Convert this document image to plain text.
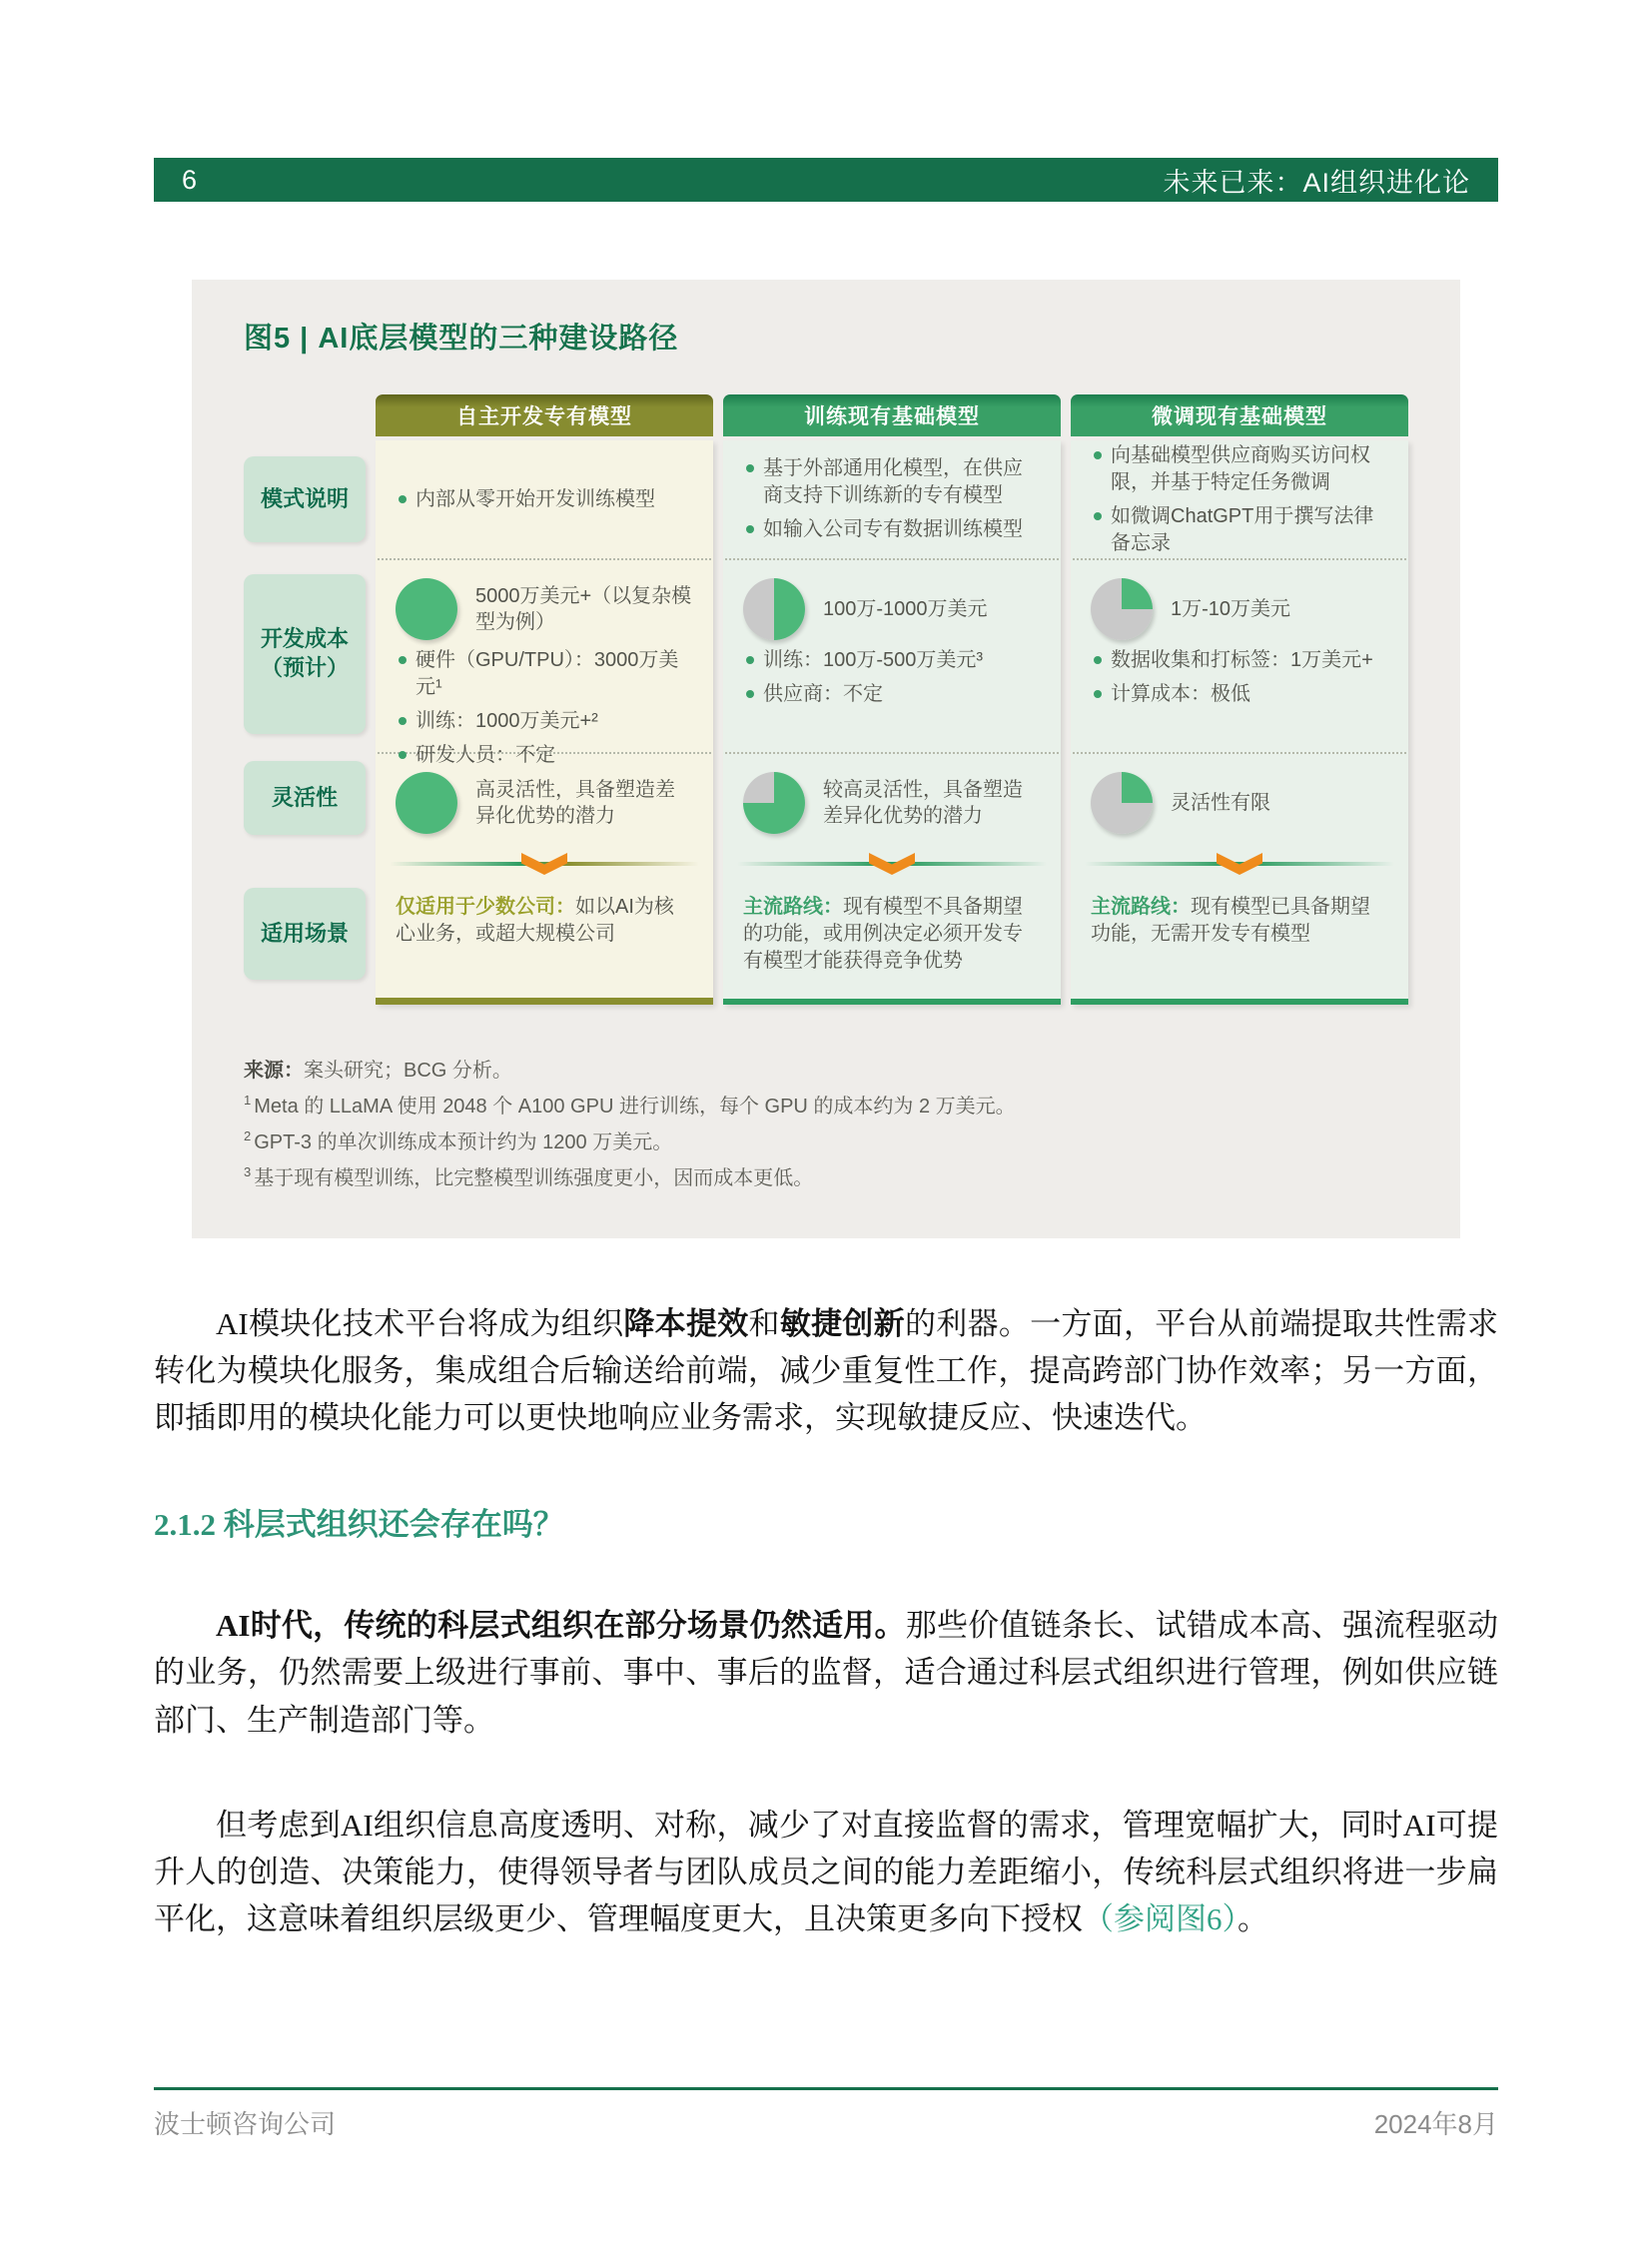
6	未来已来：AI组织进化论
图5 | AI底层模型的三种建设路径
模式说明
开发成本 （预计）
灵活性
适用场景
自主开发专有模型
内部从零开始开发训练模型
5000万美元+（以复杂模型为例）
硬件（GPU/TPU）：3000万美元¹
训练：1000万美元+²
研发人员：不定
高灵活性，具备塑造差异化优势的潜力
仅适用于少数公司：如以AI为核心业务，或超大规模公司
训练现有基础模型
基于外部通用化模型，在供应商支持下训练新的专有模型
如输入公司专有数据训练模型
100万-1000万美元
训练：100万-500万美元³
供应商：不定
较高灵活性，具备塑造差异化优势的潜力
主流路线：现有模型不具备期望的功能，或用例决定必须开发专有模型才能获得竞争优势
微调现有基础模型
向基础模型供应商购买访问权限，并基于特定任务微调
如微调ChatGPT用于撰写法律备忘录
1万-10万美元
数据收集和打标签：1万美元+
计算成本：极低
灵活性有限
主流路线：现有模型已具备期望功能，无需开发专有模型
来源：案头研究；BCG 分析。
$^1$ Meta 的 LLaMA 使用 2048 个 A100 GPU 进行训练，每个 GPU 的成本约为 2 万美元。
$^2$ GPT-3 的单次训练成本预计约为 1200 万美元。
$^3$ 基于现有模型训练，比完整模型训练强度更小，因而成本更低。

AI模块化技术平台将成为组织降本提效和敏捷创新的利器。一方面，平台从前端提取共性需求转化为模块化服务，集成组合后输送给前端，减少重复性工作，提高跨部门协作效率；另一方面，即插即用的模块化能力可以更快地响应业务需求，实现敏捷反应、快速迭代。

2.1.2 科层式组织还会存在吗？

AI时代，传统的科层式组织在部分场景仍然适用。那些价值链条长、试错成本高、强流程驱动的业务，仍然需要上级进行事前、事中、事后的监督，适合通过科层式组织进行管理，例如供应链部门、生产制造部门等。

但考虑到AI组织信息高度透明、对称，减少了对直接监督的需求，管理宽幅扩大，同时AI可提升人的创造、决策能力，使得领导者与团队成员之间的能力差距缩小，传统科层式组织将进一步扁平化，这意味着组织层级更少、管理幅度更大，且决策更多向下授权（参阅图6）。

波士顿咨询公司	2024年8月
